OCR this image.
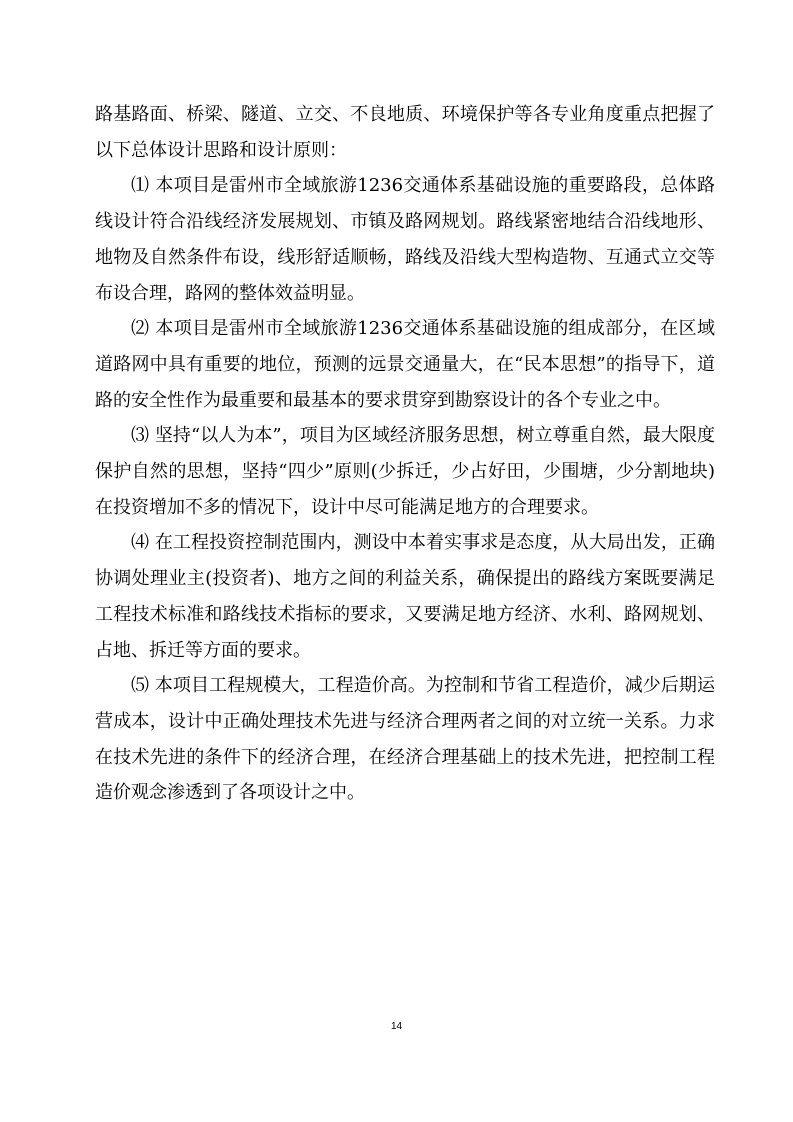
路基路面、桥梁、隧道、立交、不良地质、环境保护等各专业角度重点把握了以下总体设计思路和设计原则：

⑴ 本项目是雷州市全域旅游1236交通体系基础设施的重要路段，总体路线设计符合沿线经济发展规划、市镇及路网规划。路线紧密地结合沿线地形、地物及自然条件布设，线形舒适顺畅，路线及沿线大型构造物、互通式立交等布设合理，路网的整体效益明显。

⑵ 本项目是雷州市全域旅游1236交通体系基础设施的组成部分，在区域道路网中具有重要的地位，预测的远景交通量大，在“民本思想”的指导下，道路的安全性作为最重要和最基本的要求贯穿到勘察设计的各个专业之中。

⑶ 坚持“以人为本”，项目为区域经济服务思想，树立尊重自然，最大限度保护自然的思想，坚持“四少”原则(少拆迁，少占好田，少围塘，少分割地块) 在投资增加不多的情况下，设计中尽可能满足地方的合理要求。

⑷ 在工程投资控制范围内，测设中本着实事求是态度，从大局出发，正确协调处理业主(投资者)、地方之间的利益关系，确保提出的路线方案既要满足工程技术标准和路线技术指标的要求，又要满足地方经济、水利、路网规划、占地、拆迁等方面的要求。

⑸ 本项目工程规模大，工程造价高。为控制和节省工程造价，减少后期运营成本，设计中正确处理技术先进与经济合理两者之间的对立统一关系。力求在技术先进的条件下的经济合理，在经济合理基础上的技术先进，把控制工程造价观念渗透到了各项设计之中。

14
